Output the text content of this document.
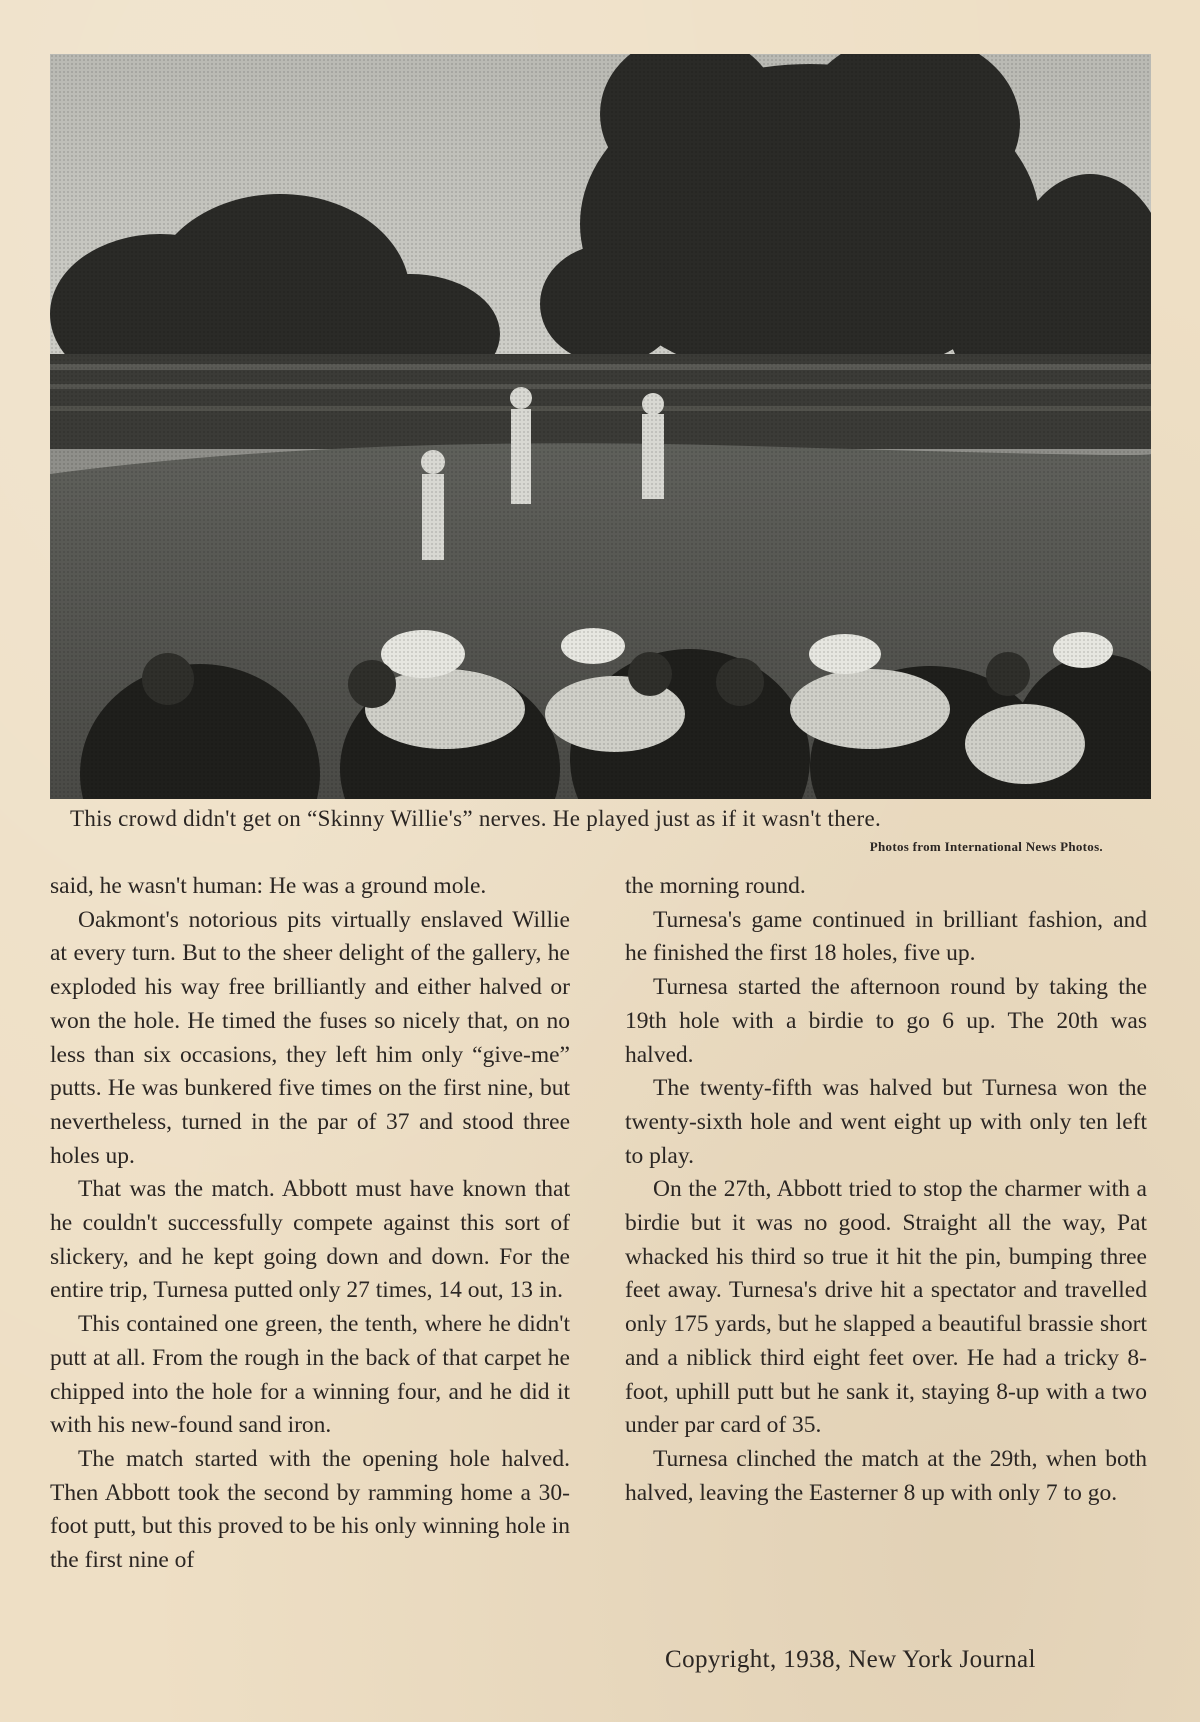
This crowd didn't get on “Skinny Willie's” nerves. He played just as if it wasn't there.
Photos from International News Photos.

said, he wasn't human: He was a ground mole.

Oakmont's notorious pits virtually enslaved Willie at every turn. But to the sheer delight of the gallery, he exploded his way free brilliantly and either halved or won the hole. He timed the fuses so nicely that, on no less than six occasions, they left him only “give-me” putts. He was bunkered five times on the first nine, but nevertheless, turned in the par of 37 and stood three holes up.

That was the match. Abbott must have known that he couldn't successfully compete against this sort of slickery, and he kept going down and down. For the entire trip, Turnesa putted only 27 times, 14 out, 13 in.

This contained one green, the tenth, where he didn't putt at all. From the rough in the back of that carpet he chipped into the hole for a winning four, and he did it with his new-found sand iron.

The match started with the opening hole halved. Then Abbott took the second by ramming home a 30-foot putt, but this proved to be his only winning hole in the first nine of

the morning round.

Turnesa's game continued in brilliant fashion, and he finished the first 18 holes, five up.

Turnesa started the afternoon round by taking the 19th hole with a birdie to go 6 up. The 20th was halved.

The twenty-fifth was halved but Turnesa won the twenty-sixth hole and went eight up with only ten left to play.

On the 27th, Abbott tried to stop the charmer with a birdie but it was no good. Straight all the way, Pat whacked his third so true it hit the pin, bumping three feet away. Turnesa's drive hit a spectator and travelled only 175 yards, but he slapped a beautiful brassie short and a niblick third eight feet over. He had a tricky 8-foot, uphill putt but he sank it, staying 8-up with a two under par card of 35.

Turnesa clinched the match at the 29th, when both halved, leaving the Easterner 8 up with only 7 to go.

Copyright, 1938, New York Journal
